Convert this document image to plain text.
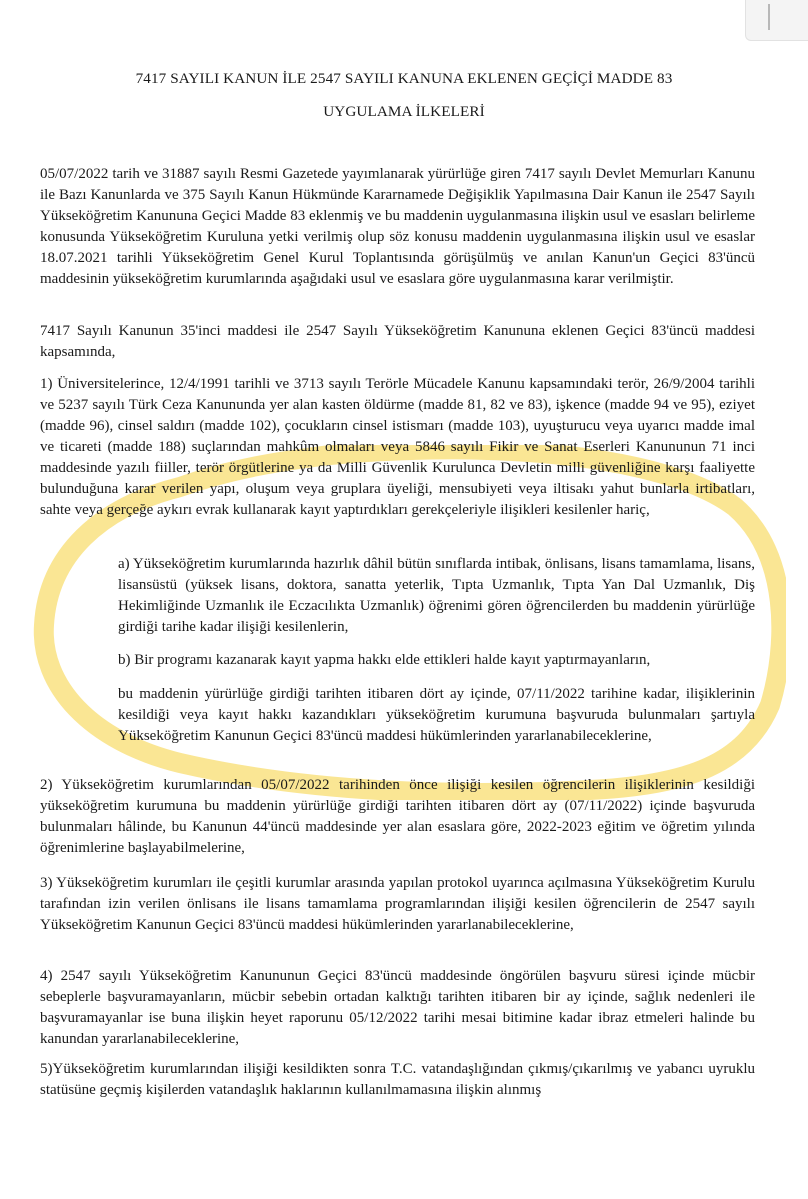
7417 SAYILI KANUN İLE 2547 SAYILI KANUNA EKLENEN GEÇİÇİ MADDE 83
UYGULAMA İLKELERİ
05/07/2022 tarih ve 31887 sayılı Resmi Gazetede yayımlanarak yürürlüğe giren 7417 sayılı Devlet Memurları Kanunu ile Bazı Kanunlarda ve 375 Sayılı Kanun Hükmünde Kararnamede Değişiklik Yapılmasına Dair Kanun ile 2547 Sayılı Yükseköğretim Kanununa Geçici Madde 83 eklenmiş ve bu maddenin uygulanmasına ilişkin usul ve esasları belirleme konusunda Yükseköğretim Kuruluna yetki verilmiş olup söz konusu maddenin uygulanmasına ilişkin usul ve esaslar 18.07.2021 tarihli Yükseköğretim Genel Kurul Toplantısında görüşülmüş ve anılan Kanun'un Geçici 83'üncü maddesinin yükseköğretim kurumlarında aşağıdaki usul ve esaslara göre uygulanmasına karar verilmiştir.
7417 Sayılı Kanunun 35'inci maddesi ile 2547 Sayılı Yükseköğretim Kanununa eklenen Geçici 83'üncü maddesi kapsamında,
1) Üniversitelerince, 12/4/1991 tarihli ve 3713 sayılı Terörle Mücadele Kanunu kapsamındaki terör, 26/9/2004 tarihli ve 5237 sayılı Türk Ceza Kanununda yer alan kasten öldürme (madde 81, 82 ve 83), işkence (madde 94 ve 95), eziyet (madde 96), cinsel saldırı (madde 102), çocukların cinsel istismarı (madde 103), uyuşturucu veya uyarıcı madde imal ve ticareti (madde 188) suçlarından mahkûm olmaları veya 5846 sayılı Fikir ve Sanat Eserleri Kanununun 71 inci maddesinde yazılı fiiller, terör örgütlerine ya da Milli Güvenlik Kurulunca Devletin milli güvenliğine karşı faaliyette bulunduğuna karar verilen yapı, oluşum veya gruplara üyeliği, mensubiyeti veya iltisakı yahut bunlarla irtibatları, sahte veya gerçeğe aykırı evrak kullanarak kayıt yaptırdıkları gerekçeleriyle ilişikleri kesilenler hariç,
a) Yükseköğretim kurumlarında hazırlık dâhil bütün sınıflarda intibak, önlisans, lisans tamamlama, lisans, lisansüstü (yüksek lisans, doktora, sanatta yeterlik, Tıpta Uzmanlık, Tıpta Yan Dal Uzmanlık, Diş Hekimliğinde Uzmanlık ile Eczacılıkta Uzmanlık) öğrenimi gören öğrencilerden bu maddenin yürürlüğe girdiği tarihe kadar ilişiği kesilenlerin,
b) Bir programı kazanarak kayıt yapma hakkı elde ettikleri halde kayıt yaptırmayanların,
bu maddenin yürürlüğe girdiği tarihten itibaren dört ay içinde, 07/11/2022 tarihine kadar, ilişiklerinin kesildiği veya kayıt hakkı kazandıkları yükseköğretim kurumuna başvuruda bulunmaları şartıyla Yükseköğretim Kanunun Geçici 83'üncü maddesi hükümlerinden yararlanabileceklerine,
2) Yükseköğretim kurumlarından 05/07/2022 tarihinden önce ilişiği kesilen öğrencilerin ilişiklerinin kesildiği yükseköğretim kurumuna bu maddenin yürürlüğe girdiği tarihten itibaren dört ay (07/11/2022) içinde başvuruda bulunmaları hâlinde, bu Kanunun 44'üncü maddesinde yer alan esaslara göre, 2022-2023 eğitim ve öğretim yılında öğrenimlerine başlayabilmelerine,
3) Yükseköğretim kurumları ile çeşitli kurumlar arasında yapılan protokol uyarınca açılmasına Yükseköğretim Kurulu tarafından izin verilen önlisans ile lisans tamamlama programlarından ilişiği kesilen öğrencilerin de 2547 sayılı Yükseköğretim Kanunun Geçici 83'üncü maddesi hükümlerinden yararlanabileceklerine,
4) 2547 sayılı Yükseköğretim Kanununun Geçici 83'üncü maddesinde öngörülen başvuru süresi içinde mücbir sebeplerle başvuramayanların, mücbir sebebin ortadan kalktığı tarihten itibaren bir ay içinde, sağlık nedenleri ile başvuramayanlar ise buna ilişkin heyet raporunu 05/12/2022 tarihi mesai bitimine kadar ibraz etmeleri halinde bu kanundan yararlanabileceklerine,
5)Yükseköğretim kurumlarından ilişiği kesildikten sonra T.C. vatandaşlığından çıkmış/çıkarılmış ve yabancı uyruklu statüsüne geçmiş kişilerden vatandaşlık haklarının kullanılmamasına ilişkin alınmış
